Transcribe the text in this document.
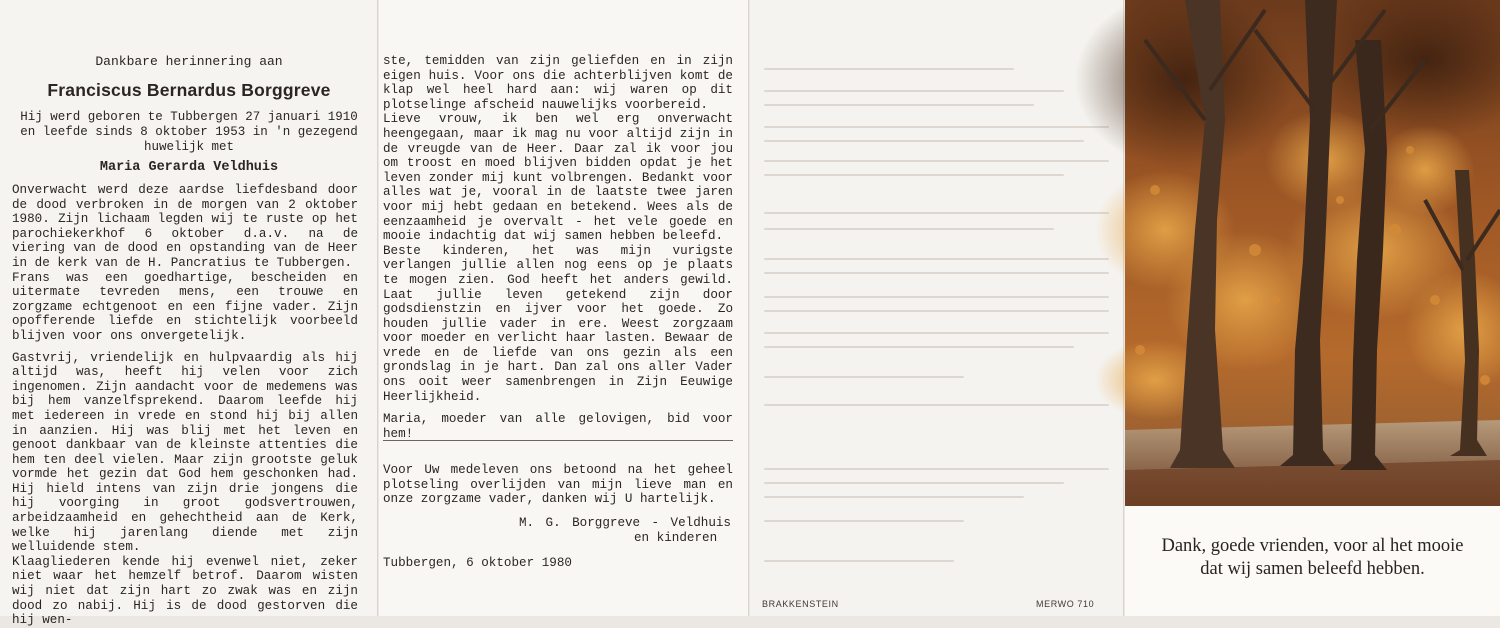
Dankbare herinnering aan
Franciscus Bernardus Borggreve
Hij werd geboren te Tubbergen 27 januari 1910
en leefde sinds 8 oktober 1953 in 'n gezegend
huwelijk met
Maria Gerarda Veldhuis

Onverwacht werd deze aardse liefdesband door de dood verbroken in de morgen van 2 oktober 1980. Zijn lichaam legden wij te ruste op het parochiekerkhof 6 oktober d.a.v. na de viering van de dood en opstanding van de Heer in de kerk van de H. Pancratius te Tubbergen.

Frans was een goedhartige, bescheiden en uitermate tevreden mens, een trouwe en zorgzame echtgenoot en een fijne vader. Zijn opofferende liefde en stichtelijk voorbeeld blijven voor ons onvergetelijk.

Gastvrij, vriendelijk en hulpvaardig als hij altijd was, heeft hij velen voor zich ingenomen. Zijn aandacht voor de medemens was bij hem vanzelfsprekend. Daarom leefde hij met iedereen in vrede en stond hij bij allen in aanzien. Hij was blij met het leven en genoot dankbaar van de kleinste attenties die hem ten deel vielen. Maar zijn grootste geluk vormde het gezin dat God hem geschonken had. Hij hield intens van zijn drie jongens die hij voorging in groot godsvertrouwen, arbeidzaamheid en gehechtheid aan de Kerk, welke hij jarenlang diende met zijn welluidende stem.

Klaagliederen kende hij evenwel niet, zeker niet waar het hemzelf betrof. Daarom wisten wij niet dat zijn hart zo zwak was en zijn dood zo nabij. Hij is de dood gestorven die hij wen-

ste, temidden van zijn geliefden en in zijn eigen huis. Voor ons die achterblijven komt de klap wel heel hard aan: wij waren op dit plotselinge afscheid nauwelijks voorbereid.

Lieve vrouw, ik ben wel erg onverwacht heengegaan, maar ik mag nu voor altijd zijn in de vreugde van de Heer. Daar zal ik voor jou om troost en moed blijven bidden opdat je het leven zonder mij kunt volbrengen. Bedankt voor alles wat je, vooral in de laatste twee jaren voor mij hebt gedaan en betekend. Wees als de eenzaamheid je overvalt - het vele goede en mooie indachtig dat wij samen hebben beleefd.

Beste kinderen, het was mijn vurigste verlangen jullie allen nog eens op je plaats te mogen zien. God heeft het anders gewild. Laat jullie leven getekend zijn door godsdienstzin en ijver voor het goede. Zo houden jullie vader in ere. Weest zorgzaam voor moeder en verlicht haar lasten. Bewaar de vrede en de liefde van ons gezin als een grondslag in je hart. Dan zal ons aller Vader ons ooit weer samenbrengen in Zijn Eeuwige Heerlijkheid.

Maria, moeder van alle gelovigen, bid voor hem!

Voor Uw medeleven ons betoond na het geheel plotseling overlijden van mijn lieve man en onze zorgzame vader, danken wij U hartelijk.
M. G. Borggreve - Veldhuis
en kinderen
Tubbergen, 6 oktober 1980
BRAKKENSTEIN	MERWO 710
Dank, goede vrienden, voor al het mooie
dat wij samen beleefd hebben.
